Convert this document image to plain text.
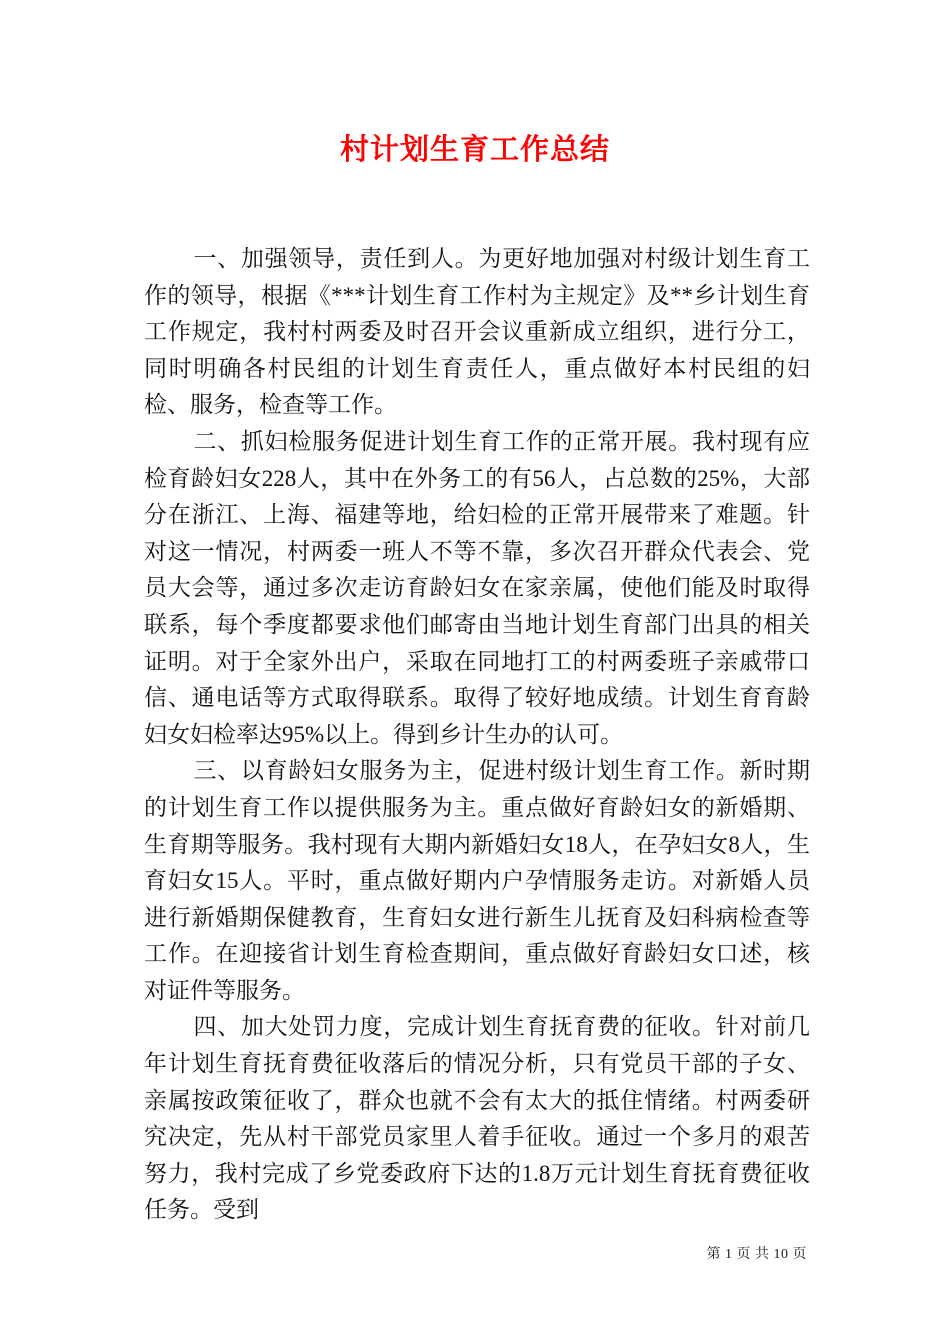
村计划生育工作总结

一、加强领导，责任到人。为更好地加强对村级计划生育工作的领导，根据《***计划生育工作村为主规定》及**乡计划生育工作规定，我村村两委及时召开会议重新成立组织，进行分工，同时明确各村民组的计划生育责任人，重点做好本村民组的妇检、服务，检查等工作。

二、抓妇检服务促进计划生育工作的正常开展。我村现有应检育龄妇女228人，其中在外务工的有56人，占总数的25%，大部分在浙江、上海、福建等地，给妇检的正常开展带来了难题。针对这一情况，村两委一班人不等不靠，多次召开群众代表会、党员大会等，通过多次走访育龄妇女在家亲属，使他们能及时取得联系，每个季度都要求他们邮寄由当地计划生育部门出具的相关证明。对于全家外出户，采取在同地打工的村两委班子亲戚带口信、通电话等方式取得联系。取得了较好地成绩。计划生育育龄妇女妇检率达95%以上。得到乡计生办的认可。

三、以育龄妇女服务为主，促进村级计划生育工作。新时期的计划生育工作以提供服务为主。重点做好育龄妇女的新婚期、生育期等服务。我村现有大期内新婚妇女18人，在孕妇女8人，生育妇女15人。平时，重点做好期内户孕情服务走访。对新婚人员进行新婚期保健教育，生育妇女进行新生儿抚育及妇科病检查等工作。在迎接省计划生育检查期间，重点做好育龄妇女口述，核对证件等服务。

四、加大处罚力度，完成计划生育抚育费的征收。针对前几年计划生育抚育费征收落后的情况分析，只有党员干部的子女、亲属按政策征收了，群众也就不会有太大的抵住情绪。村两委研究决定，先从村干部党员家里人着手征收。通过一个多月的艰苦努力，我村完成了乡党委政府下达的1.8万元计划生育抚育费征收任务。受到

第 1 页 共 10 页
